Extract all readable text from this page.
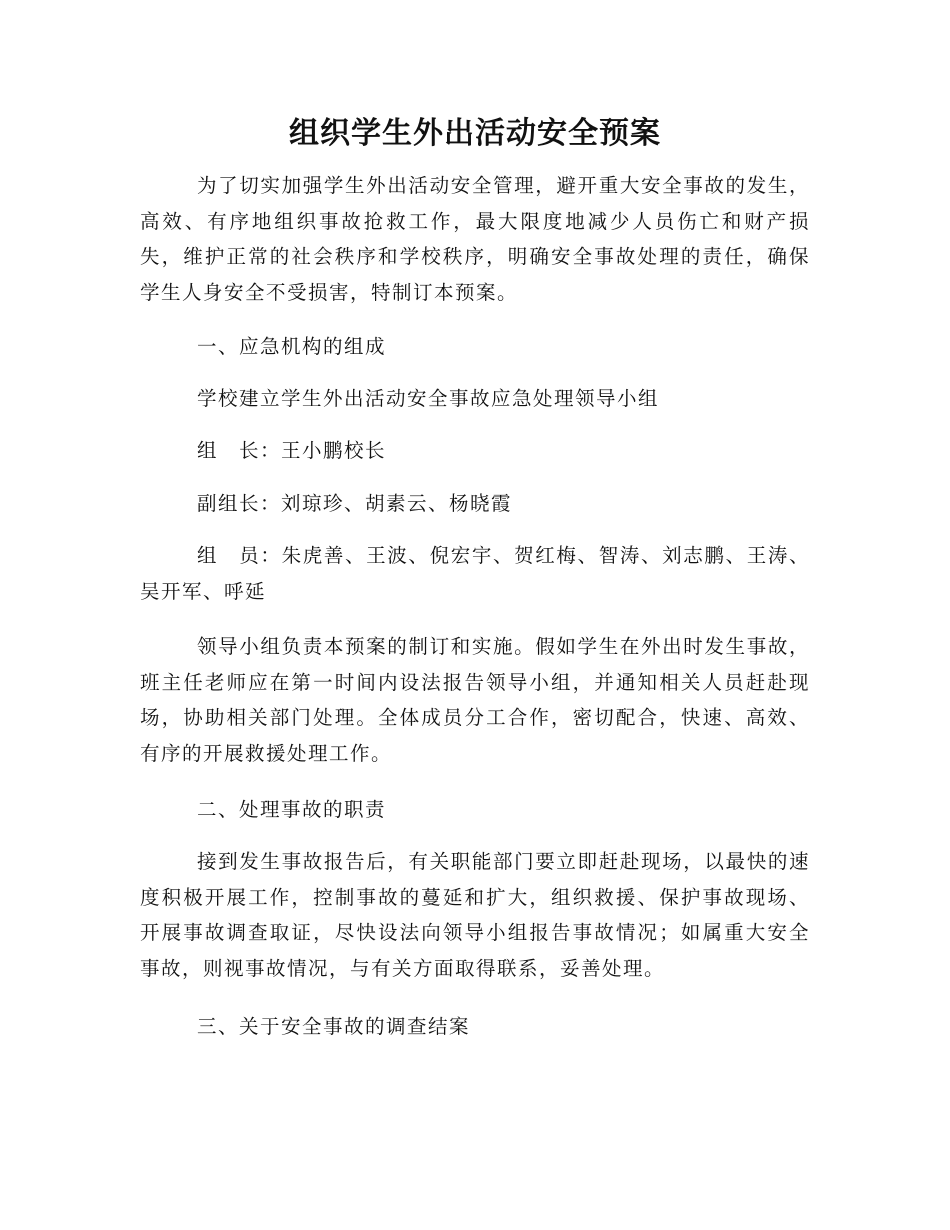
组织学生外出活动安全预案

为了切实加强学生外出活动安全管理，避开重大安全事故的发生，高效、有序地组织事故抢救工作，最大限度地减少人员伤亡和财产损失，维护正常的社会秩序和学校秩序，明确安全事故处理的责任，确保学生人身安全不受损害，特制订本预案。

一、应急机构的组成

学校建立学生外出活动安全事故应急处理领导小组

组　长：王小鹏校长

副组长：刘琼珍、胡素云、杨晓霞

组　员：朱虎善、王波、倪宏宇、贺红梅、智涛、刘志鹏、王涛、吴开军、呼延

领导小组负责本预案的制订和实施。假如学生在外出时发生事故，班主任老师应在第一时间内设法报告领导小组，并通知相关人员赶赴现场，协助相关部门处理。全体成员分工合作，密切配合，快速、高效、有序的开展救援处理工作。

二、处理事故的职责

接到发生事故报告后，有关职能部门要立即赶赴现场，以最快的速度积极开展工作，控制事故的蔓延和扩大，组织救援、保护事故现场、开展事故调查取证，尽快设法向领导小组报告事故情况；如属重大安全事故，则视事故情况，与有关方面取得联系，妥善处理。

三、关于安全事故的调查结案
